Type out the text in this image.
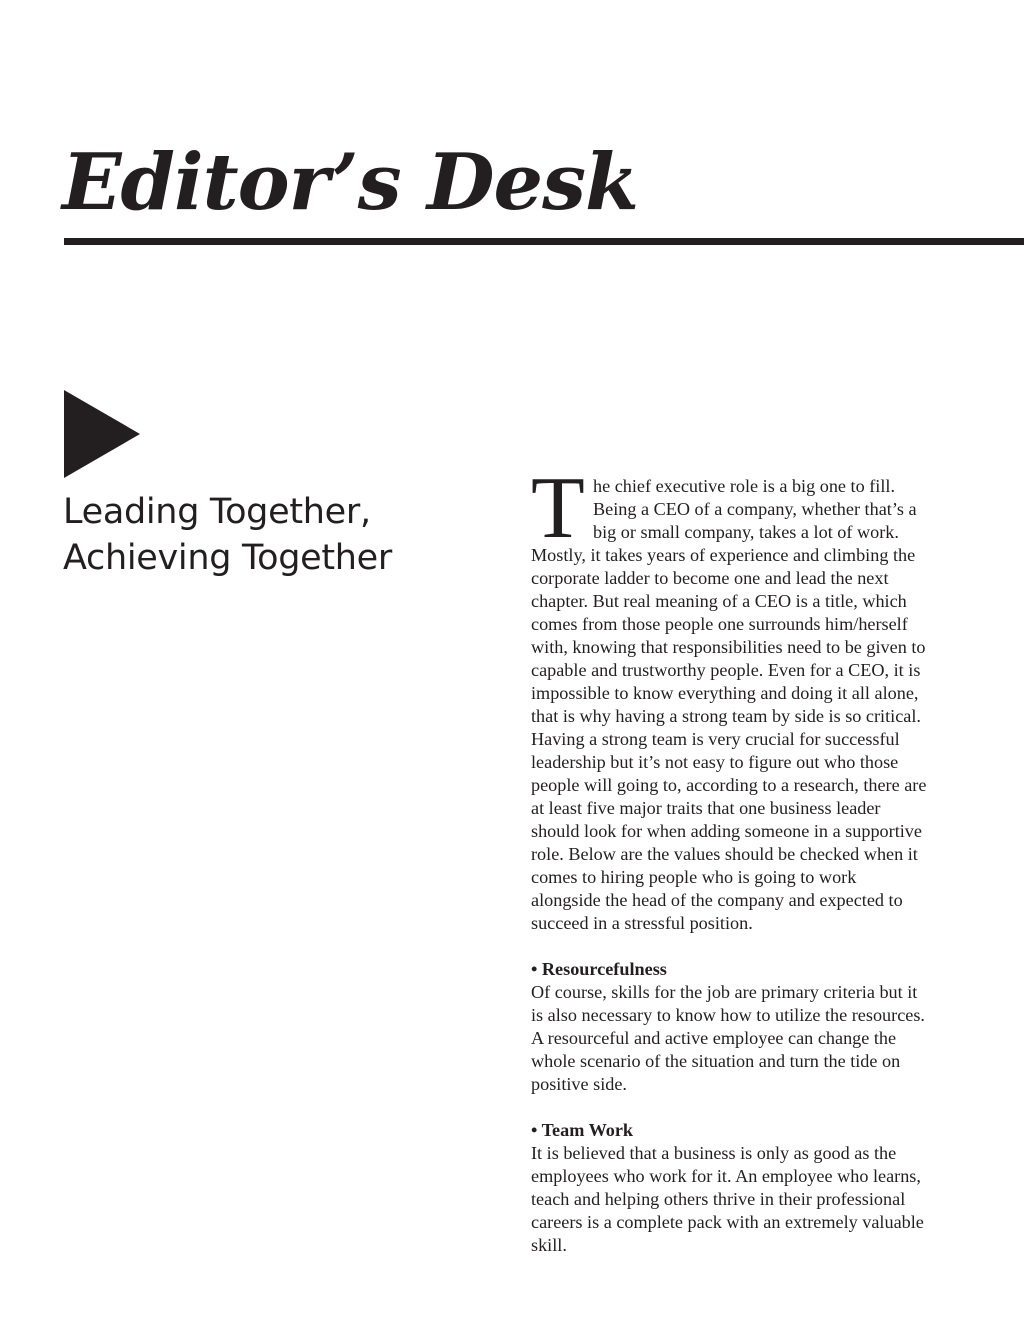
Editor’s Desk
Leading Together,
Achieving Together
T he chief executive role is a big one to fill.
Being a CEO of a company, whether that’s a
big or small company, takes a lot of work.
Mostly, it takes years of experience and climbing the
corporate ladder to become one and lead the next
chapter. But real meaning of a CEO is a title, which
comes from those people one surrounds him/herself
with, knowing that responsibilities need to be given to
capable and trustworthy people. Even for a CEO, it is
impossible to know everything and doing it all alone,
that is why having a strong team by side is so critical.
Having a strong team is very crucial for successful
leadership but it’s not easy to figure out who those
people will going to, according to a research, there are
at least five major traits that one business leader
should look for when adding someone in a supportive
role. Below are the values should be checked when it
comes to hiring people who is going to work
alongside the head of the company and expected to
succeed in a stressful position.
• Resourcefulness
Of course, skills for the job are primary criteria but it
is also necessary to know how to utilize the resources.
A resourceful and active employee can change the
whole scenario of the situation and turn the tide on
positive side.
• Team Work
It is believed that a business is only as good as the
employees who work for it. An employee who learns,
teach and helping others thrive in their professional
careers is a complete pack with an extremely valuable
skill.
